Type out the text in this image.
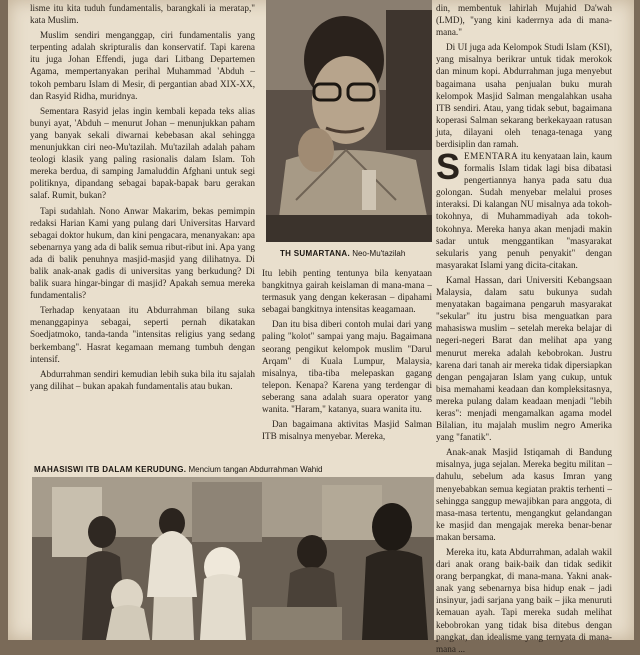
lisme itu kita tuduh fundamentalis, barangkali ia meratap," kata Muslim.

Muslim sendiri menganggap, ciri fundamentalis yang terpenting adalah skripturalis dan konservatif. Tapi karena itu juga Johan Effendi, juga dari Litbang Departemen Agama, mempertanyakan perihal Muhammad 'Abduh – tokoh pembaru Islam di Mesir, di pergantian abad XIX-XX, dan Rasyid Ridha, muridnya.

Sementara Rasyid jelas ingin kembali kepada teks alias bunyi ayat, 'Abduh – menurut Johan – menunjukkan paham yang banyak sekali diwarnai kebebasan akal sehingga menunjukkan ciri neo-Mu'tazilah. Mu'tazilah adalah paham teologi klasik yang paling rasionalis dalam Islam. Toh mereka berdua, di samping Jamaluddin Afghani untuk segi politiknya, dipandang sebagai bapak-bapak baru gerakan salaf. Rumit, bukan?

Tapi sudahlah. Nono Anwar Makarim, bekas pemimpin redaksi Harian Kami yang pulang dari Universitas Harvard sebagai doktor hukum, dan kini pengacara, menanyakan: apa sebenarnya yang ada di balik semua ribut-ribut ini. Apa yang ada di balik penuhnya masjid-masjid yang dilihatnya. Di balik anak-anak gadis di universitas yang berkudung? Di balik suara hingar-bingar di masjid? Apakah semua mereka fundamentalis?

Terhadap kenyataan itu Abdurrahman bilang suka menanggapinya sebagai, seperti pernah dikatakan Soedjatmoko, tanda-tanda "intensitas religius yang sedang berkembang". Hasrat kegamaan memang tumbuh dengan intensif.

Abdurrahman sendiri kemudian lebih suka bila itu sajalah yang dilihat – bukan apakah fundamentalis atau bukan.

TH SUMARTANA. Neo-Mu'tazilah

Itu lebih penting tentunya bila kenyataan bangkitnya gairah keislaman di mana-mana – termasuk yang dengan kekerasan – dipahami sebagai bangkitnya intensitas keagamaan.

Dan itu bisa diberi contoh mulai dari yang paling "kolot" sampai yang maju. Bagaimana seorang pengikut kelompok muslim "Darul Arqam" di Kuala Lumpur, Malaysia, misalnya, tiba-tiba melepaskan gagang telepon. Kenapa? Karena yang terdengar di seberang sana adalah suara operator yang wanita. "Haram," katanya, suara wanita itu.

Dan bagaimana aktivitas Masjid Salman ITB misalnya menyebar. Mereka,

din, membentuk lahirlah Mujahid Da'wah (LMD), "yang kini kaderrnya ada di mana-mana."

Di UI juga ada Kelompok Studi Islam (KSI), yang misalnya berikrar untuk tidak merokok dan minum kopi. Abdurrahman juga menyebut bagaimana usaha penjualan buku murah kelompok Masjid Salman mengalahkan usaha ITB sendiri. Atau, yang tidak sebut, bagaimana koperasi Salman sekarang berkekayaan ratusan juta, dilayani oleh tenaga-tenaga yang berdisiplin dan ramah.

SEMENTARA itu kenyataan lain, kaum formalis Islam tidak lagi bisa dibatasi pengertiannya hanya pada satu dua golongan. Sudah menyebar melalui proses interaksi. Di kalangan NU misalnya ada tokoh-tokohnya, di Muhammadiyah ada tokoh-tokohnya. Mereka hanya akan menjadi makin sadar untuk menggantikan "masyarakat sekularis yang penuh penyakit" dengan masyarakat Islami yang dicita-citakan.

Kamal Hassan, dari Universiti Kebangsaan Malaysia, dalam satu bukunya sudah menyatakan bagaimana pengaruh masyarakat "sekular" itu justru bisa menguatkan para mahasiswa muslim – setelah mereka belajar di negeri-negeri Barat dan melihat apa yang menurut mereka adalah kebobrokan. Justru karena dari tanah air mereka tidak dipersiapkan dengan pengajaran Islam yang cukup, untuk bisa memahami keadaan dan kompleksitasnya, mereka pulang dalam keadaan menjadi "lebih keras": menjadi mengamalkan agama model Bilalian, itu majalah muslim negro Amerika yang "fanatik".

Anak-anak Masjid Istiqamah di Bandung misalnya, juga sejalan. Mereka begitu militan – dahulu, sebelum ada kasus Imran yang menyebabkan semua kegiatan praktis terhenti – sehingga sanggup mewajibkan para anggota, di masa-masa tertentu, mengangkut gelandangan ke masjid dan mengajak mereka benar-benar makan bersama.

Mereka itu, kata Abdurrahman, adalah wakil dari anak orang baik-baik dan tidak sedikit orang berpangkat, di mana-mana. Yakni anak-anak yang sebenarnya bisa hidup enak – jadi insinyur, jadi sarjana yang baik – jika menuruti kemauan ayah. Tapi mereka sudah melihat kebobrokan yang tidak bisa ditebus dengan pangkat, dan idealisme yang ternyata di mana-mana ...

MAHASISWI ITB DALAM KERUDUNG. Mencium tangan Abdurrahman Wahid
